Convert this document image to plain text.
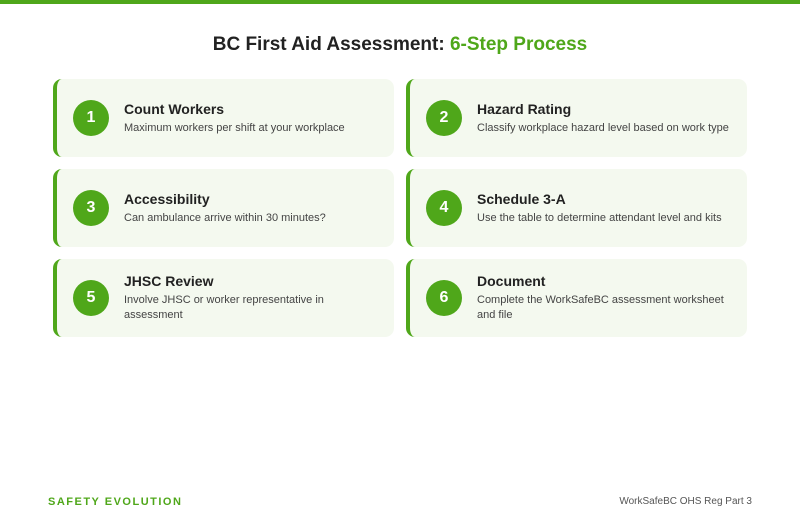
BC First Aid Assessment: 6-Step Process
1
Count Workers
Maximum workers per shift at your workplace
2
Hazard Rating
Classify workplace hazard level based on work type
3
Accessibility
Can ambulance arrive within 30 minutes?
4
Schedule 3-A
Use the table to determine attendant level and kits
5
JHSC Review
Involve JHSC or worker representative in assessment
6
Document
Complete the WorkSafeBC assessment worksheet and file
SAFETY EVOLUTION	WorkSafeBC OHS Reg Part 3
